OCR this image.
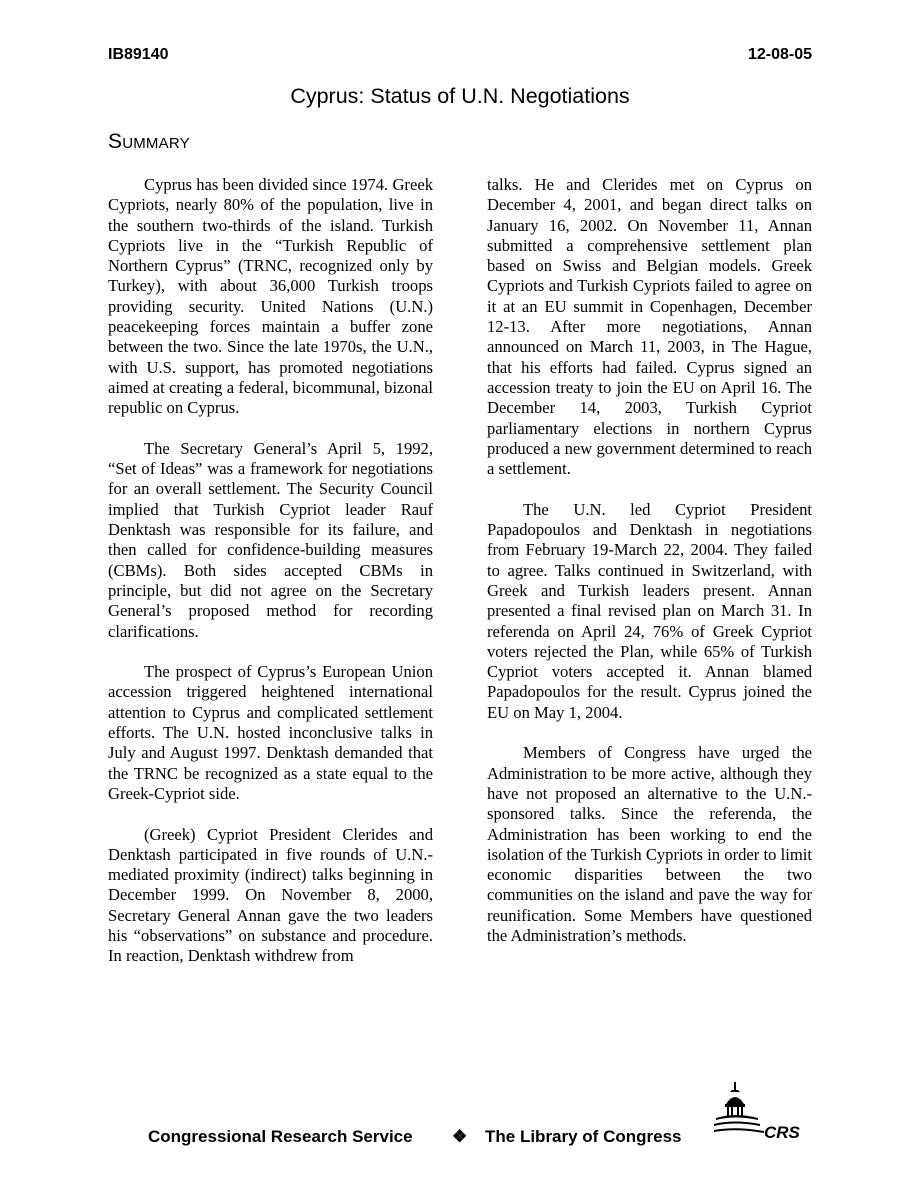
IB89140	12-08-05
Cyprus: Status of U.N. Negotiations
Summary

Cyprus has been divided since 1974. Greek Cypriots, nearly 80% of the population, live in the southern two-thirds of the island. Turkish Cypriots live in the “Turkish Republic of Northern Cyprus” (TRNC, recognized only by Turkey), with about 36,000 Turkish troops providing security. United Nations (U.N.) peacekeeping forces maintain a buffer zone between the two. Since the late 1970s, the U.N., with U.S. support, has promoted negotiations aimed at creating a federal, bicommunal, bizonal republic on Cyprus.

The Secretary General’s April 5, 1992, “Set of Ideas” was a framework for negotiations for an overall settlement. The Security Council implied that Turkish Cypriot leader Rauf Denktash was responsible for its failure, and then called for confidence-building measures (CBMs). Both sides accepted CBMs in principle, but did not agree on the Secretary General’s proposed method for recording clarifications.

The prospect of Cyprus’s European Union accession triggered heightened international attention to Cyprus and complicated settlement efforts. The U.N. hosted inconclusive talks in July and August 1997. Denktash demanded that the TRNC be recognized as a state equal to the Greek-Cypriot side.

(Greek) Cypriot President Clerides and Denktash participated in five rounds of U.N.-mediated proximity (indirect) talks beginning in December 1999. On November 8, 2000, Secretary General Annan gave the two leaders his “observations” on substance and procedure. In reaction, Denktash withdrew from

talks. He and Clerides met on Cyprus on December 4, 2001, and began direct talks on January 16, 2002. On November 11, Annan submitted a comprehensive settlement plan based on Swiss and Belgian models. Greek Cypriots and Turkish Cypriots failed to agree on it at an EU summit in Copenhagen, December 12-13. After more negotiations, Annan announced on March 11, 2003, in The Hague, that his efforts had failed. Cyprus signed an accession treaty to join the EU on April 16. The December 14, 2003, Turkish Cypriot parliamentary elections in northern Cyprus produced a new government determined to reach a settlement.

The U.N. led Cypriot President Papadopoulos and Denktash in negotiations from February 19-March 22, 2004. They failed to agree. Talks continued in Switzerland, with Greek and Turkish leaders present. Annan presented a final revised plan on March 31. In referenda on April 24, 76% of Greek Cypriot voters rejected the Plan, while 65% of Turkish Cypriot voters accepted it. Annan blamed Papadopoulos for the result. Cyprus joined the EU on May 1, 2004.

Members of Congress have urged the Administration to be more active, although they have not proposed an alternative to the U.N.-sponsored talks. Since the referenda, the Administration has been working to end the isolation of the Turkish Cypriots in order to limit economic disparities between the two communities on the island and pave the way for reunification. Some Members have questioned the Administration’s methods.

Congressional Research Service ❖ The Library of Congress	CRS
